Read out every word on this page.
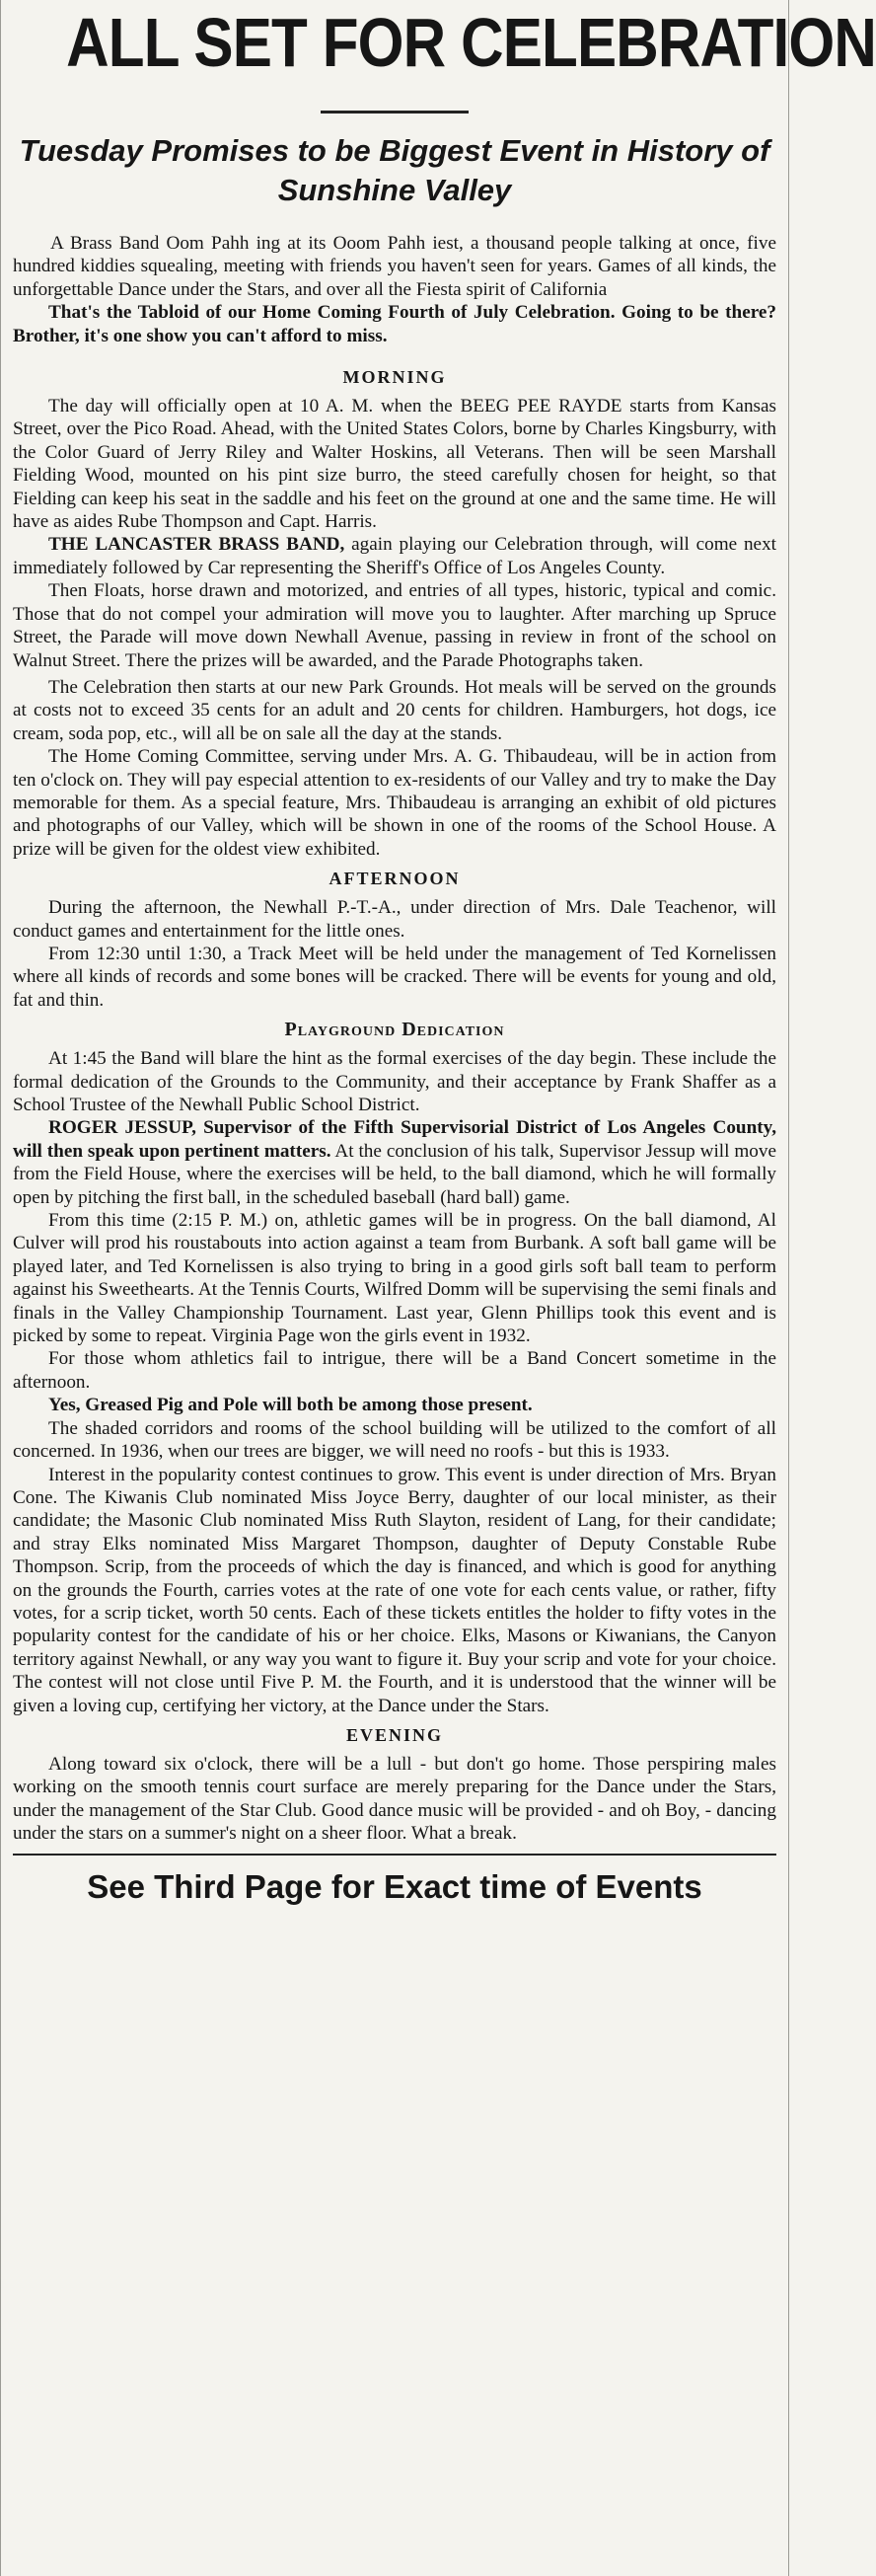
ALL SET FOR CELEBRATION
Tuesday Promises to be Biggest Event in History of Sunshine Valley

A Brass Band Oom Pahh ing at its Ooom Pahh iest, a thousand people talking at once, five hundred kiddies squealing, meeting with friends you haven't seen for years. Games of all kinds, the unforgettable Dance under the Stars, and over all the Fiesta spirit of California

That's the Tabloid of our Home Coming Fourth of July Celebration. Going to be there? Brother, it's one show you can't afford to miss.

MORNING

The day will officially open at 10 A. M. when the BEEG PEE RAYDE starts from Kansas Street, over the Pico Road. Ahead, with the United States Colors, borne by Charles Kingsburry, with the Color Guard of Jerry Riley and Walter Hoskins, all Veterans. Then will be seen Marshall Fielding Wood, mounted on his pint size burro, the steed carefully chosen for height, so that Fielding can keep his seat in the saddle and his feet on the ground at one and the same time. He will have as aides Rube Thompson and Capt. Harris.

THE LANCASTER BRASS BAND, again playing our Celebration through, will come next immediately followed by Car representing the Sheriff's Office of Los Angeles County.

Then Floats, horse drawn and motorized, and entries of all types, historic, typical and comic. Those that do not compel your admiration will move you to laughter. After marching up Spruce Street, the Parade will move down Newhall Avenue, passing in review in front of the school on Walnut Street. There the prizes will be awarded, and the Parade Photographs taken.

The Celebration then starts at our new Park Grounds. Hot meals will be served on the grounds at costs not to exceed 35 cents for an adult and 20 cents for children. Hamburgers, hot dogs, ice cream, soda pop, etc., will all be on sale all the day at the stands.

The Home Coming Committee, serving under Mrs. A. G. Thibaudeau, will be in action from ten o'clock on. They will pay especial attention to ex-residents of our Valley and try to make the Day memorable for them. As a special feature, Mrs. Thibaudeau is arranging an exhibit of old pictures and photographs of our Valley, which will be shown in one of the rooms of the School House. A prize will be given for the oldest view exhibited.

AFTERNOON

During the afternoon, the Newhall P.-T.-A., under direction of Mrs. Dale Teachenor, will conduct games and entertainment for the little ones.

From 12:30 until 1:30, a Track Meet will be held under the management of Ted Kornelissen where all kinds of records and some bones will be cracked. There will be events for young and old, fat and thin.

Playground Dedication

At 1:45 the Band will blare the hint as the formal exercises of the day begin. These include the formal dedication of the Grounds to the Community, and their acceptance by Frank Shaffer as a School Trustee of the Newhall Public School District.

ROGER JESSUP, Supervisor of the Fifth Supervisorial District of Los Angeles County, will then speak upon pertinent matters. At the conclusion of his talk, Supervisor Jessup will move from the Field House, where the exercises will be held, to the ball diamond, which he will formally open by pitching the first ball, in the scheduled baseball (hard ball) game.

From this time (2:15 P. M.) on, athletic games will be in progress. On the ball diamond, Al Culver will prod his roustabouts into action against a team from Burbank. A soft ball game will be played later, and Ted Kornelissen is also trying to bring in a good girls soft ball team to perform against his Sweethearts. At the Tennis Courts, Wilfred Domm will be supervising the semi finals and finals in the Valley Championship Tournament. Last year, Glenn Phillips took this event and is picked by some to repeat. Virginia Page won the girls event in 1932.

For those whom athletics fail to intrigue, there will be a Band Concert sometime in the afternoon.

Yes, Greased Pig and Pole will both be among those present.

The shaded corridors and rooms of the school building will be utilized to the comfort of all concerned. In 1936, when our trees are bigger, we will need no roofs - but this is 1933.

Interest in the popularity contest continues to grow. This event is under direction of Mrs. Bryan Cone. The Kiwanis Club nominated Miss Joyce Berry, daughter of our local minister, as their candidate; the Masonic Club nominated Miss Ruth Slayton, resident of Lang, for their candidate; and stray Elks nominated Miss Margaret Thompson, daughter of Deputy Constable Rube Thompson. Scrip, from the proceeds of which the day is financed, and which is good for anything on the grounds the Fourth, carries votes at the rate of one vote for each cents value, or rather, fifty votes, for a scrip ticket, worth 50 cents. Each of these tickets entitles the holder to fifty votes in the popularity contest for the candidate of his or her choice. Elks, Masons or Kiwanians, the Canyon territory against Newhall, or any way you want to figure it. Buy your scrip and vote for your choice. The contest will not close until Five P. M. the Fourth, and it is understood that the winner will be given a loving cup, certifying her victory, at the Dance under the Stars.

EVENING

Along toward six o'clock, there will be a lull - but don't go home. Those perspiring males working on the smooth tennis court surface are merely preparing for the Dance under the Stars, under the management of the Star Club. Good dance music will be provided - and oh Boy, - dancing under the stars on a summer's night on a sheer floor. What a break.

See Third Page for Exact time of Events
